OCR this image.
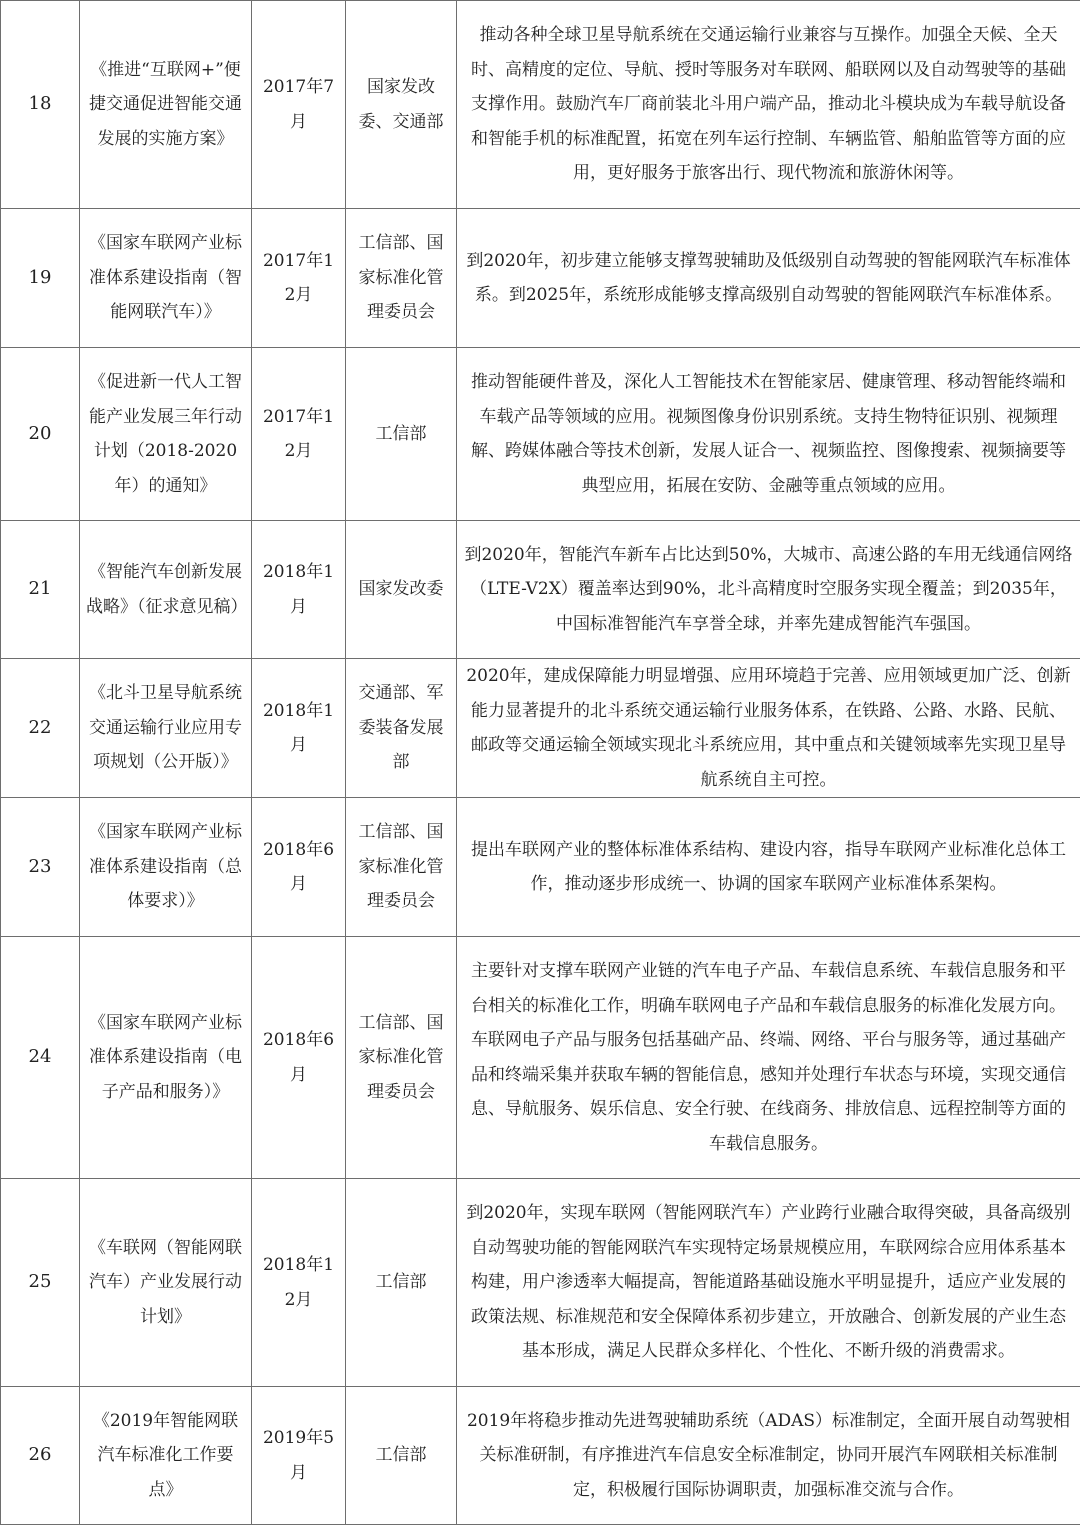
18	《推进“互联网+”便捷交通促进智能交通发展的实施方案》	2017年7月	国家发改委、交通部	推动各种全球卫星导航系统在交通运输行业兼容与互操作。加强全天候、全天时、高精度的定位、导航、授时等服务对车联网、船联网以及自动驾驶等的基础支撑作用。鼓励汽车厂商前装北斗用户端产品，推动北斗模块成为车载导航设备和智能手机的标准配置，拓宽在列车运行控制、车辆监管、船舶监管等方面的应用，更好服务于旅客出行、现代物流和旅游休闲等。
19	《国家车联网产业标准体系建设指南（智能网联汽车）》	2017年12月	工信部、国家标准化管理委员会	到2020年，初步建立能够支撑驾驶辅助及低级别自动驾驶的智能网联汽车标准体系。到2025年，系统形成能够支撑高级别自动驾驶的智能网联汽车标准体系。
20	《促进新一代人工智能产业发展三年行动计划（2018-2020年）的通知》	2017年12月	工信部	推动智能硬件普及，深化人工智能技术在智能家居、健康管理、移动智能终端和车载产品等领域的应用。视频图像身份识别系统。支持生物特征识别、视频理解、跨媒体融合等技术创新，发展人证合一、视频监控、图像搜索、视频摘要等典型应用，拓展在安防、金融等重点领域的应用。
21	《智能汽车创新发展战略》（征求意见稿）	2018年1月	国家发改委	到2020年，智能汽车新车占比达到50%，大城市、高速公路的车用无线通信网络（LTE-V2X）覆盖率达到90%，北斗高精度时空服务实现全覆盖；到2035年，中国标准智能汽车享誉全球，并率先建成智能汽车强国。
22	《北斗卫星导航系统交通运输行业应用专项规划（公开版）》	2018年1月	交通部、军委装备发展部	2020年，建成保障能力明显增强、应用环境趋于完善、应用领域更加广泛、创新能力显著提升的北斗系统交通运输行业服务体系，在铁路、公路、水路、民航、邮政等交通运输全领域实现北斗系统应用，其中重点和关键领域率先实现卫星导航系统自主可控。
23	《国家车联网产业标准体系建设指南（总体要求）》	2018年6月	工信部、国家标准化管理委员会	提出车联网产业的整体标准体系结构、建设内容，指导车联网产业标准化总体工作，推动逐步形成统一、协调的国家车联网产业标准体系架构。
24	《国家车联网产业标准体系建设指南（电子产品和服务）》	2018年6月	工信部、国家标准化管理委员会	主要针对支撑车联网产业链的汽车电子产品、车载信息系统、车载信息服务和平台相关的标准化工作，明确车联网电子产品和车载信息服务的标准化发展方向。车联网电子产品与服务包括基础产品、终端、网络、平台与服务等，通过基础产品和终端采集并获取车辆的智能信息，感知并处理行车状态与环境，实现交通信息、导航服务、娱乐信息、安全行驶、在线商务、排放信息、远程控制等方面的车载信息服务。
25	《车联网（智能网联汽车）产业发展行动计划》	2018年12月	工信部	到2020年，实现车联网（智能网联汽车）产业跨行业融合取得突破，具备高级别自动驾驶功能的智能网联汽车实现特定场景规模应用，车联网综合应用体系基本构建，用户渗透率大幅提高，智能道路基础设施水平明显提升，适应产业发展的政策法规、标准规范和安全保障体系初步建立，开放融合、创新发展的产业生态基本形成，满足人民群众多样化、个性化、不断升级的消费需求。
26	《2019年智能网联汽车标准化工作要点》	2019年5月	工信部	2019年将稳步推动先进驾驶辅助系统（ADAS）标准制定，全面开展自动驾驶相关标准研制，有序推进汽车信息安全标准制定，协同开展汽车网联相关标准制定，积极履行国际协调职责，加强标准交流与合作。
